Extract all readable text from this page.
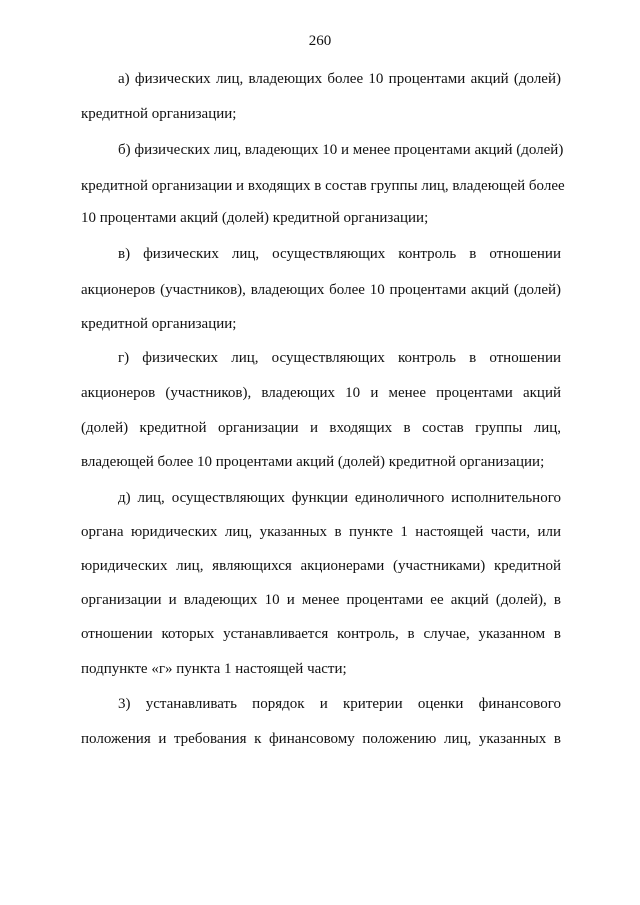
260
а) физических лиц, владеющих более 10 процентами акций (долей)
кредитной организации;
б) физических лиц, владеющих 10 и менее процентами акций (долей)
кредитной организации и входящих в состав группы лиц, владеющей более
10 процентами акций (долей) кредитной организации;
в) физических лиц, осуществляющих контроль в отношении
акционеров (участников), владеющих более 10 процентами акций (долей)
кредитной организации;
г) физических лиц, осуществляющих контроль в отношении
акционеров (участников), владеющих 10 и менее процентами акций
(долей) кредитной организации и входящих в состав группы лиц,
владеющей более 10 процентами акций (долей) кредитной организации;
д) лиц, осуществляющих функции единоличного исполнительного
органа юридических лиц, указанных в пункте 1 настоящей части, или
юридических лиц, являющихся акционерами (участниками) кредитной
организации и владеющих 10 и менее процентами ее акций (долей), в
отношении которых устанавливается контроль, в случае, указанном в
подпункте «г» пункта 1 настоящей части;
3) устанавливать порядок и критерии оценки финансового
положения и требования к финансовому положению лиц, указанных в
